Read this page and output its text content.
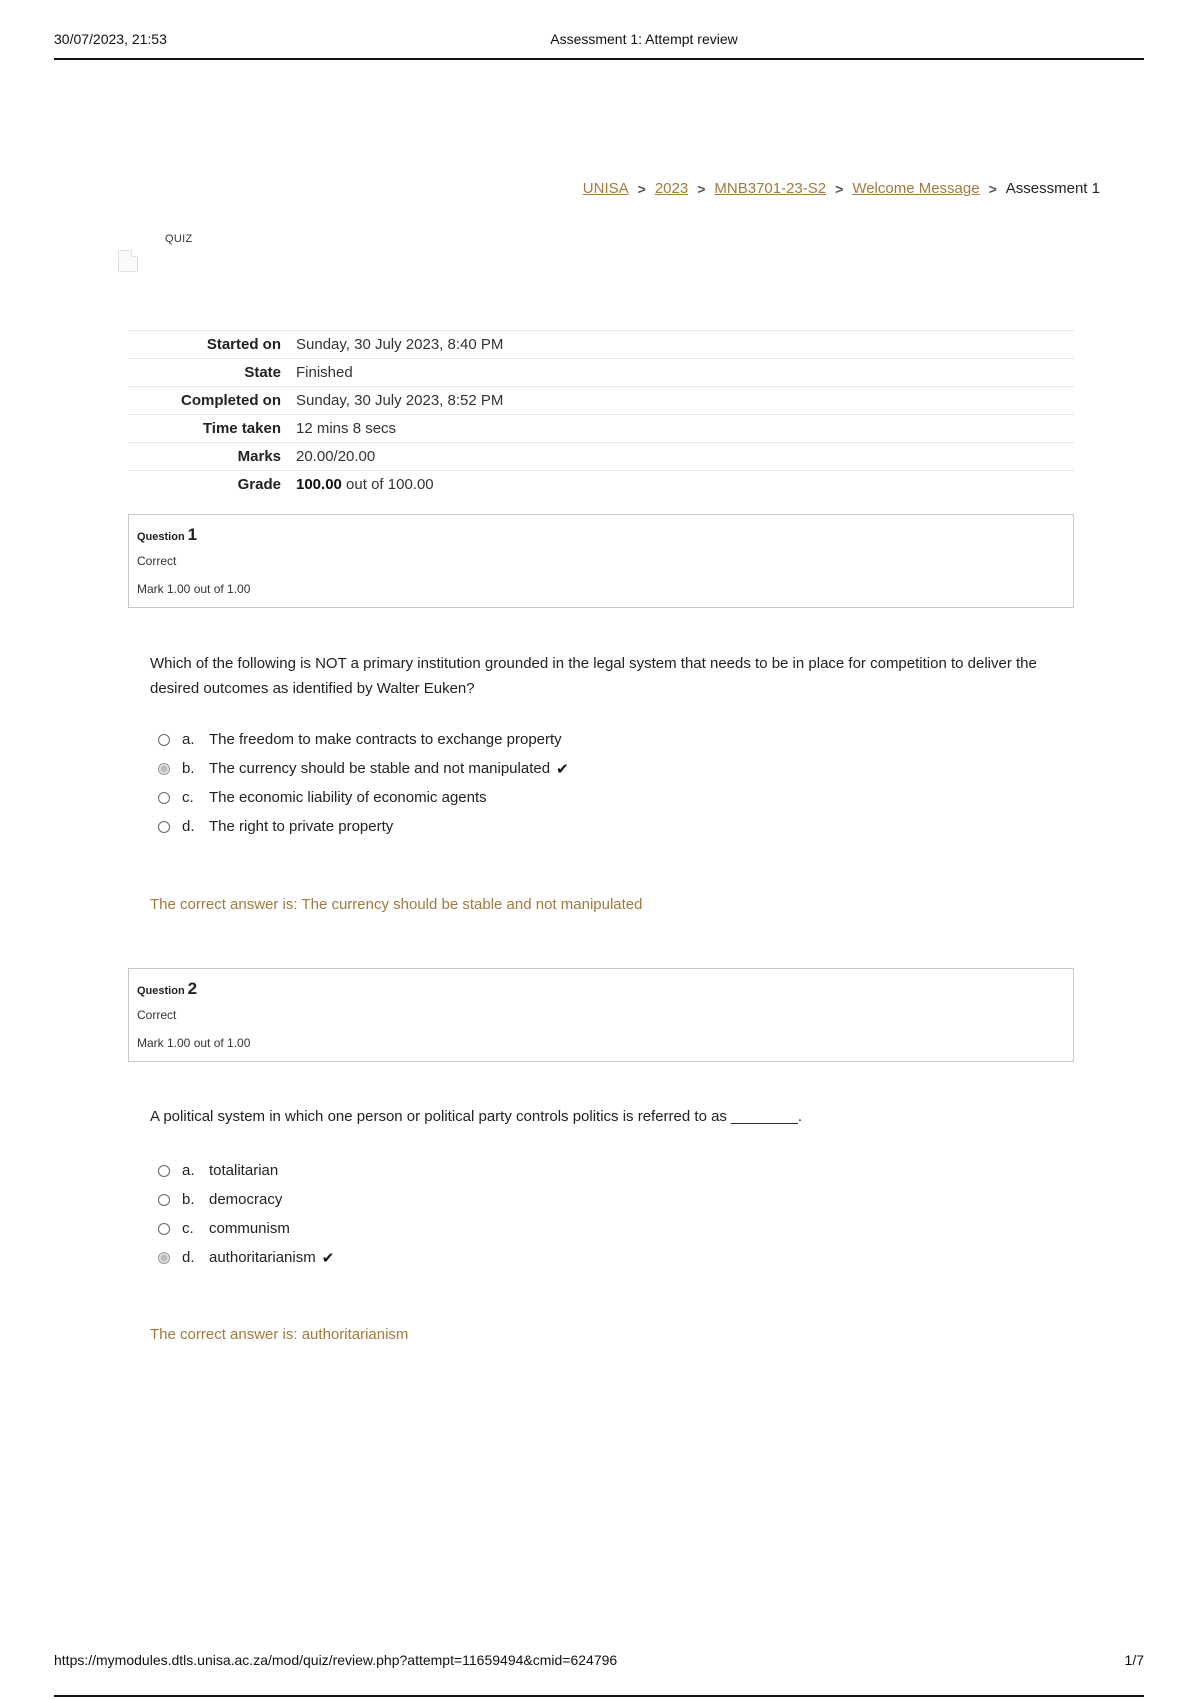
30/07/2023, 21:53	Assessment 1: Attempt review
UNISA > 2023 > MNB3701-23-S2 > Welcome Message > Assessment 1
QUIZ
Started on	Sunday, 30 July 2023, 8:40 PM
State	Finished
Completed on	Sunday, 30 July 2023, 8:52 PM
Time taken	12 mins 8 secs
Marks	20.00/20.00
Grade	100.00 out of 100.00
Question 1
Correct
Mark 1.00 out of 1.00
Which of the following is NOT a primary institution grounded in the legal system that needs to be in place for competition to deliver the desired outcomes as identified by Walter Euken?
a. The freedom to make contracts to exchange property
b. The currency should be stable and not manipulated ✔
c.	The economic liability of economic agents
d. The right to private property
The correct answer is: The currency should be stable and not manipulated
Question 2
Correct
Mark 1.00 out of 1.00
A political system in which one person or political party controls politics is referred to as ________.
a. totalitarian
b. democracy
c.	communism
d. authoritarianism ✔
The correct answer is: authoritarianism
https://mymodules.dtls.unisa.ac.za/mod/quiz/review.php?attempt=11659494&cmid=624796	1/7
